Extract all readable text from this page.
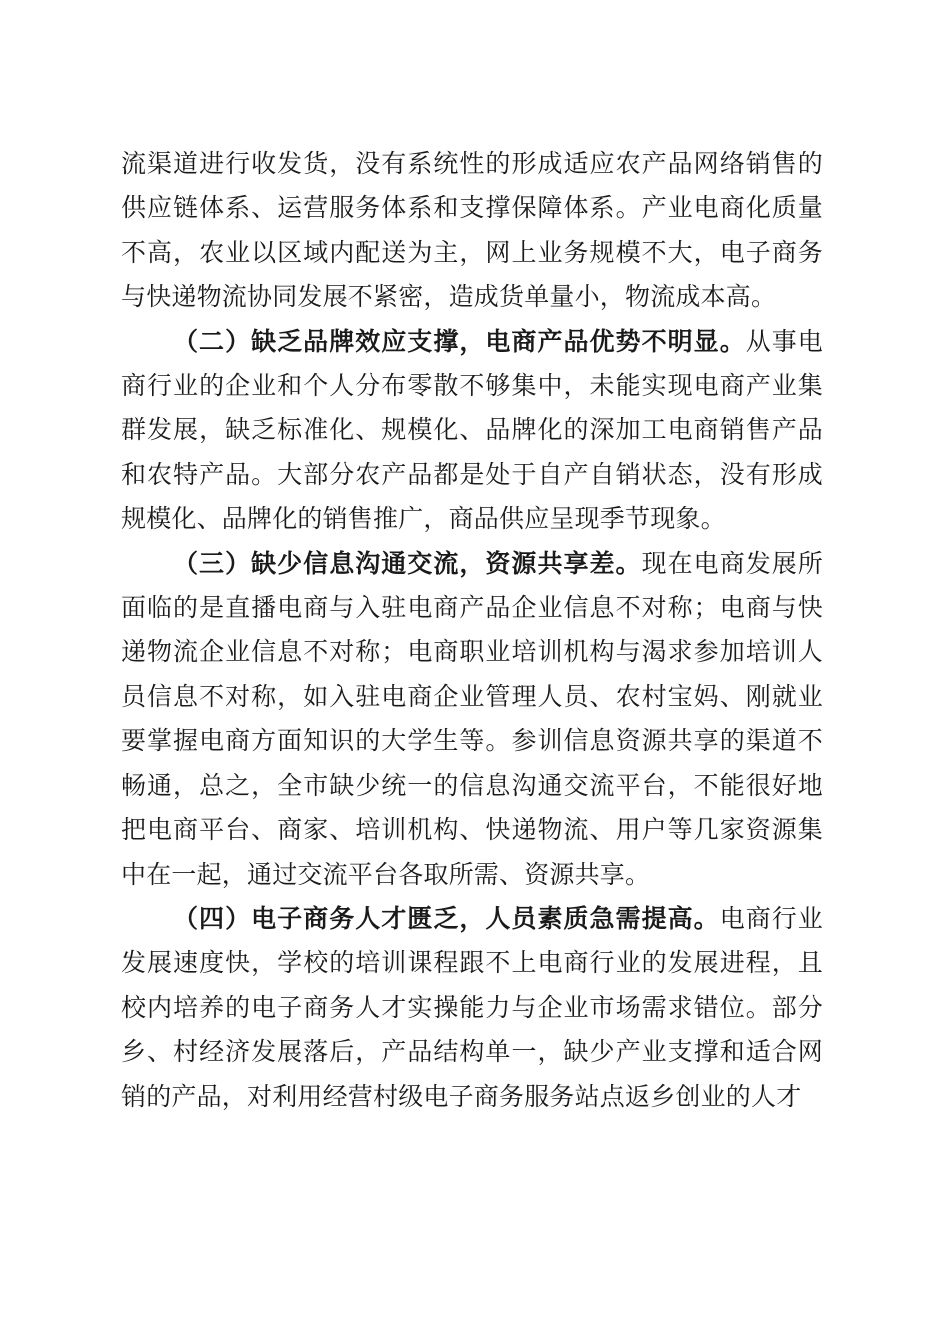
流渠道进行收发货，没有系统性的形成适应农产品网络销售的供应链体系、运营服务体系和支撑保障体系。产业电商化质量不高，农业以区域内配送为主，网上业务规模不大，电子商务与快递物流协同发展不紧密，造成货单量小，物流成本高。

（二）缺乏品牌效应支撑，电商产品优势不明显。从事电商行业的企业和个人分布零散不够集中，未能实现电商产业集群发展，缺乏标准化、规模化、品牌化的深加工电商销售产品和农特产品。大部分农产品都是处于自产自销状态，没有形成规模化、品牌化的销售推广，商品供应呈现季节现象。

（三）缺少信息沟通交流，资源共享差。现在电商发展所面临的是直播电商与入驻电商产品企业信息不对称；电商与快递物流企业信息不对称；电商职业培训机构与渴求参加培训人员信息不对称，如入驻电商企业管理人员、农村宝妈、刚就业要掌握电商方面知识的大学生等。参训信息资源共享的渠道不畅通，总之，全市缺少统一的信息沟通交流平台，不能很好地把电商平台、商家、培训机构、快递物流、用户等几家资源集中在一起，通过交流平台各取所需、资源共享。

（四）电子商务人才匮乏，人员素质急需提高。电商行业发展速度快，学校的培训课程跟不上电商行业的发展进程，且校内培养的电子商务人才实操能力与企业市场需求错位。部分乡、村经济发展落后，产品结构单一，缺少产业支撑和适合网销的产品，对利用经营村级电子商务服务站点返乡创业的人才
